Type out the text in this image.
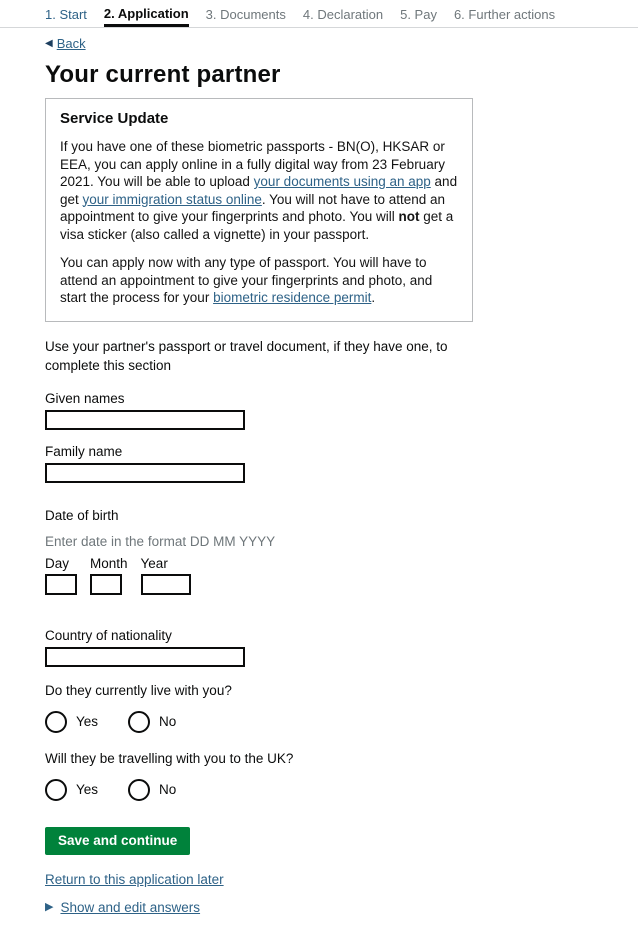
1. Start 2. Application 3. Documents 4. Declaration 5. Pay 6. Further actions
◀ Back
Your current partner
Service Update

If you have one of these biometric passports - BN(O), HKSAR or EEA, you can apply online in a fully digital way from 23 February 2021. You will be able to upload your documents using an app and get your immigration status online. You will not have to attend an appointment to give your fingerprints and photo. You will not get a visa sticker (also called a vignette) in your passport.

You can apply now with any type of passport. You will have to attend an appointment to give your fingerprints and photo, and start the process for your biometric residence permit.

Use your partner's passport or travel document, if they have one, to complete this section

Given names
Family name
Date of birth
Enter date in the format DD MM YYYY
Day	Month Year
Country of nationality
Do they currently live with you?
Yes	No
Will they be travelling with you to the UK?
Yes	No
Save and continue
Return to this application later
▶ Show and edit answers
